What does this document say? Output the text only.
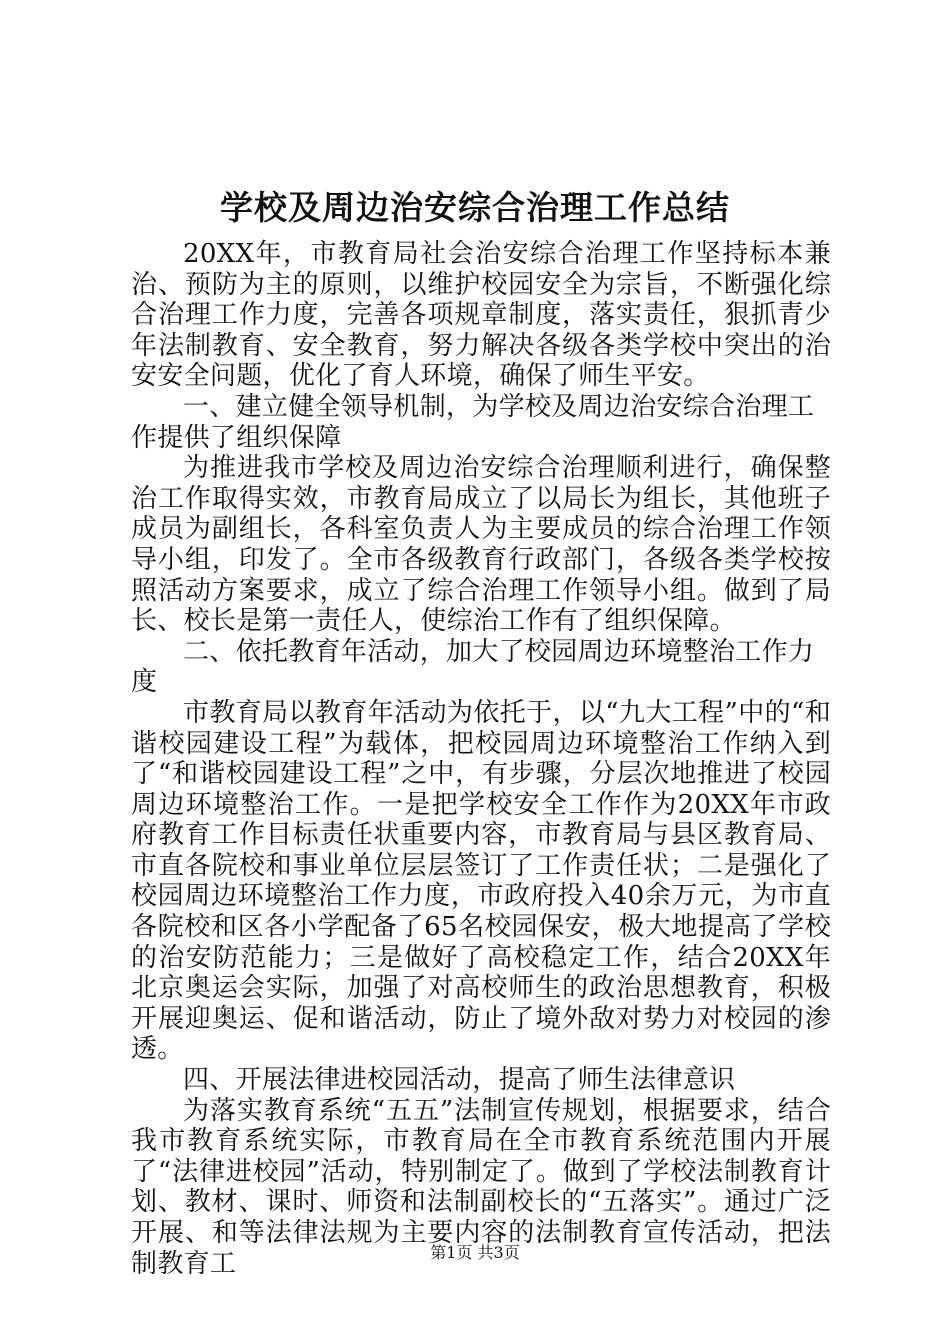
学校及周边治安综合治理工作总结

20XX年，市教育局社会治安综合治理工作坚持标本兼治、预防为主的原则，以维护校园安全为宗旨，不断强化综合治理工作力度，完善各项规章制度，落实责任，狠抓青少年法制教育、安全教育，努力解决各级各类学校中突出的治安安全问题，优化了育人环境，确保了师生平安。

一、建立健全领导机制，为学校及周边治安综合治理工作提供了组织保障

为推进我市学校及周边治安综合治理顺利进行，确保整治工作取得实效，市教育局成立了以局长为组长，其他班子成员为副组长，各科室负责人为主要成员的综合治理工作领导小组，印发了。全市各级教育行政部门，各级各类学校按照活动方案要求，成立了综合治理工作领导小组。做到了局长、校长是第一责任人，使综治工作有了组织保障。

二、依托教育年活动，加大了校园周边环境整治工作力度

市教育局以教育年活动为依托于，以“九大工程”中的“和谐校园建设工程”为载体，把校园周边环境整治工作纳入到了“和谐校园建设工程”之中，有步骤，分层次地推进了校园周边环境整治工作。一是把学校安全工作作为20XX年市政府教育工作目标责任状重要内容，市教育局与县区教育局、市直各院校和事业单位层层签订了工作责任状；二是强化了校园周边环境整治工作力度，市政府投入40余万元，为市直各院校和区各小学配备了65名校园保安，极大地提高了学校的治安防范能力；三是做好了高校稳定工作，结合20XX年北京奥运会实际，加强了对高校师生的政治思想教育，积极开展迎奥运、促和谐活动，防止了境外敌对势力对校园的渗透。

四、开展法律进校园活动，提高了师生法律意识

为落实教育系统“五五”法制宣传规划，根据要求，结合我市教育系统实际，市教育局在全市教育系统范围内开展了“法律进校园”活动，特别制定了。做到了学校法制教育计划、教材、课时、师资和法制副校长的“五落实”。通过广泛开展、和等法律法规为主要内容的法制教育宣传活动，把法制教育工	第1页 共3页
